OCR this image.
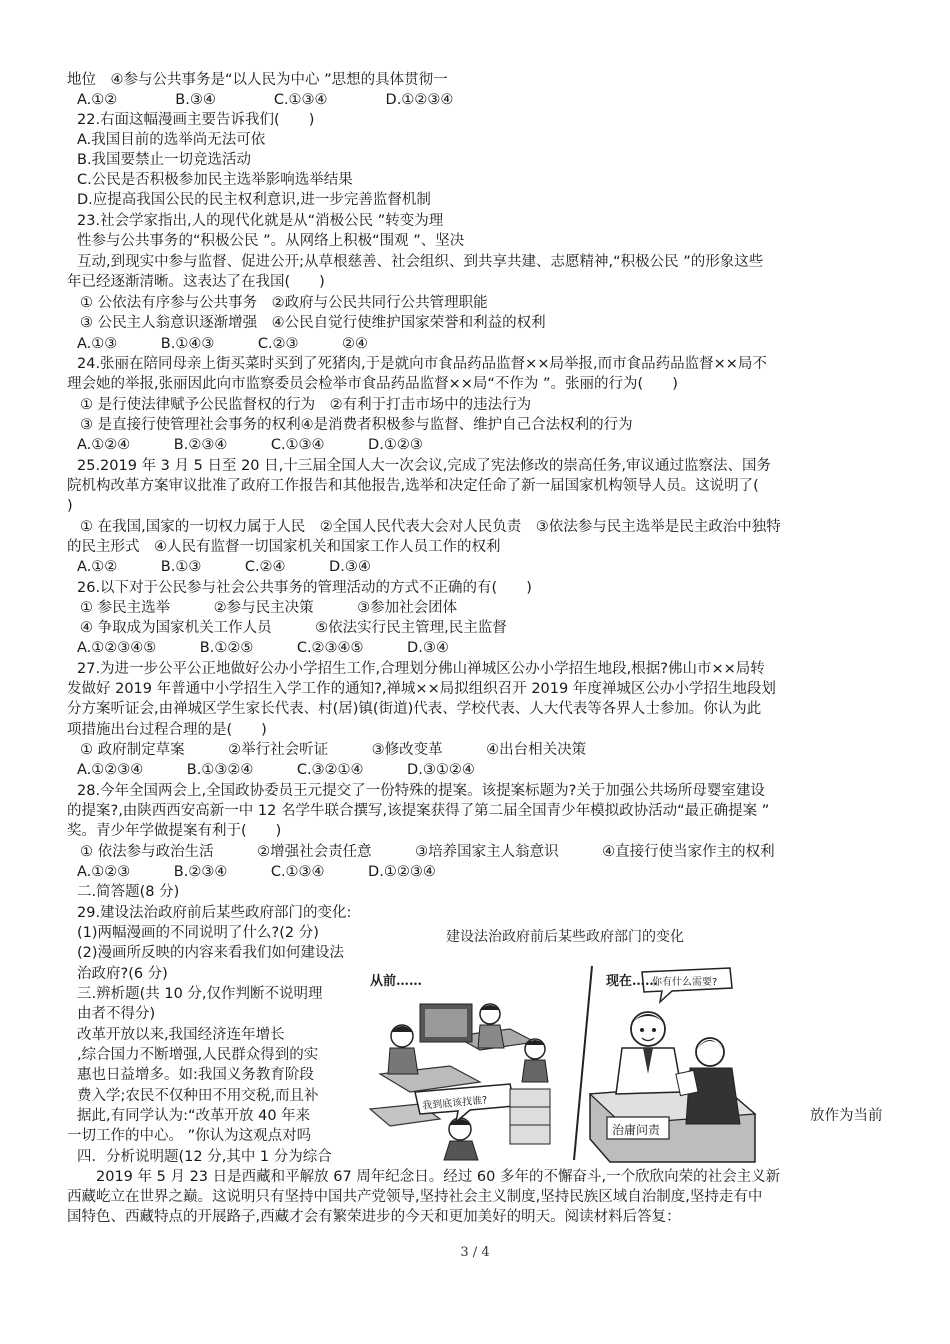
地位　④参与公共事务是“以人民为中心 ”思想的具体贯彻一
A.①②　　　　B.③④　　　　C.①③④　　　　D.①②③④
22.右面这幅漫画主要告诉我们(　　)
A.我国目前的选举尚无法可依
B.我国要禁止一切竞选活动
C.公民是否积极参加民主选举影响选举结果
D.应提高我国公民的民主权利意识,进一步完善监督机制
23.社会学家指出,人的现代化就是从“消极公民 ”转变为理
性参与公共事务的“积极公民 ”。从网络上积极“围观 ”、坚决
互动,到现实中参与监督、促进公开;从草根慈善、社会组织、到共享共建、志愿精神,“积极公民 ”的形象这些
年已经逐渐清晰。这表达了在我国(　　)
① 公依法有序参与公共事务　②政府与公民共同行公共管理职能
③ 公民主人翁意识逐渐增强　④公民自觉行使维护国家荣誉和利益的权利
A.①③　　　B.①④③　　　C.②③　　　②④
24.张丽在陪同母亲上街买菜时买到了死猪肉,于是就向市食品药品监督××局举报,而市食品药品监督××局不
理会她的举报,张丽因此向市监察委员会检举市食品药品监督××局“不作为 ”。张丽的行为(　　)
① 是行使法律赋予公民监督权的行为　②有利于打击市场中的违法行为
③ 是直接行使管理社会事务的权利④是消费者积极参与监督、维护自己合法权利的行为
A.①②④　　　B.②③④　　　C.①③④　　　D.①②③
25.2019 年 3 月 5 日至 20 日,十三届全国人大一次会议,完成了宪法修改的崇高任务,审议通过监察法、国务
院机构改革方案审议批准了政府工作报告和其他报告,选举和决定任命了新一届国家机构领导人员。这说明了(
)
① 在我国,国家的一切权力属于人民　②全国人民代表大会对人民负责　③依法参与民主选举是民主政治中独特
的民主形式　④人民有监督一切国家机关和国家工作人员工作的权利
A.①②　　　B.①③　　　C.②④　　　D.③④
26.以下对于公民参与社会公共事务的管理活动的方式不正确的有(　　)
① 参民主选举　　　②参与民主决策　　　③参加社会团体
④ 争取成为国家机关工作人员　　　⑤依法实行民主管理,民主监督
A.①②③④⑤　　　B.①②⑤　　　C.②③④⑤　　　D.③④
27.为进一步公平公正地做好公办小学招生工作,合理划分佛山禅城区公办小学招生地段,根据?佛山市××局转
发做好 2019 年普通中小学招生入学工作的通知?,禅城××局拟组织召开 2019 年度禅城区公办小学招生地段划
分方案听证会,由禅城区学生家长代表、村(居)镇(街道)代表、学校代表、人大代表等各界人士参加。你认为此
项措施出台过程合理的是(　　)
① 政府制定草案　　　②举行社会听证　　　③修改变革　　　④出台相关决策
A.①②③④　　　B.①③②④　　　C.③②①④　　　D.③①②④
28.今年全国两会上,全国政协委员王元提交了一份特殊的提案。该提案标题为?关于加强公共场所母婴室建设
的提案?,由陕西西安高新一中 12 名学牛联合撰写,该提案获得了第二届全国青少年模拟政协活动“最正确提案 ”
奖。青少年学做提案有利于(　　)
① 依法参与政治生活　　　②增强社会责任意　　　③培养国家主人翁意识　　　④直接行使当家作主的权利
A.①②③　　　B.②③④　　　C.①③④　　　D.①②③④
二.简答题(8 分)
29.建设法治政府前后某些政府部门的变化:
(1)两幅漫画的不同说明了什么?(2 分)
(2)漫画所反映的内容来看我们如何建设法
治政府?(6 分)
三.辨析题(共 10 分,仅作判断不说明理
由者不得分)
改革开放以来,我国经济连年增长
,综合国力不断增强,人民群众得到的实
惠也日益增多。如:我国义务教育阶段
费入学;农民不仅种田不用交税,而且补
据此,有同学认为:“改革开放 40 年来
一切工作的中心。 ”你认为这观点对吗
四．分析说明题(12 分,其中 1 分为综合
2019 年 5 月 23 日是西藏和平解放 67 周年纪念日。经过 60 多年的不懈奋斗,一个欣欣向荣的社会主义新
西藏屹立在世界之巅。这说明只有坚持中国共产党领导,坚持社会主义制度,坚持民族区域自治制度,坚持走有中
国特色、西藏特点的开展路子,西藏才会有繁荣进步的今天和更加美好的明天。阅读材料后答复：
放作为当前
建设法治政府前后某些政府部门的变化
从前……	现在……
我到底该找谁?
你有什么需要?
治庸问责
3 / 4
